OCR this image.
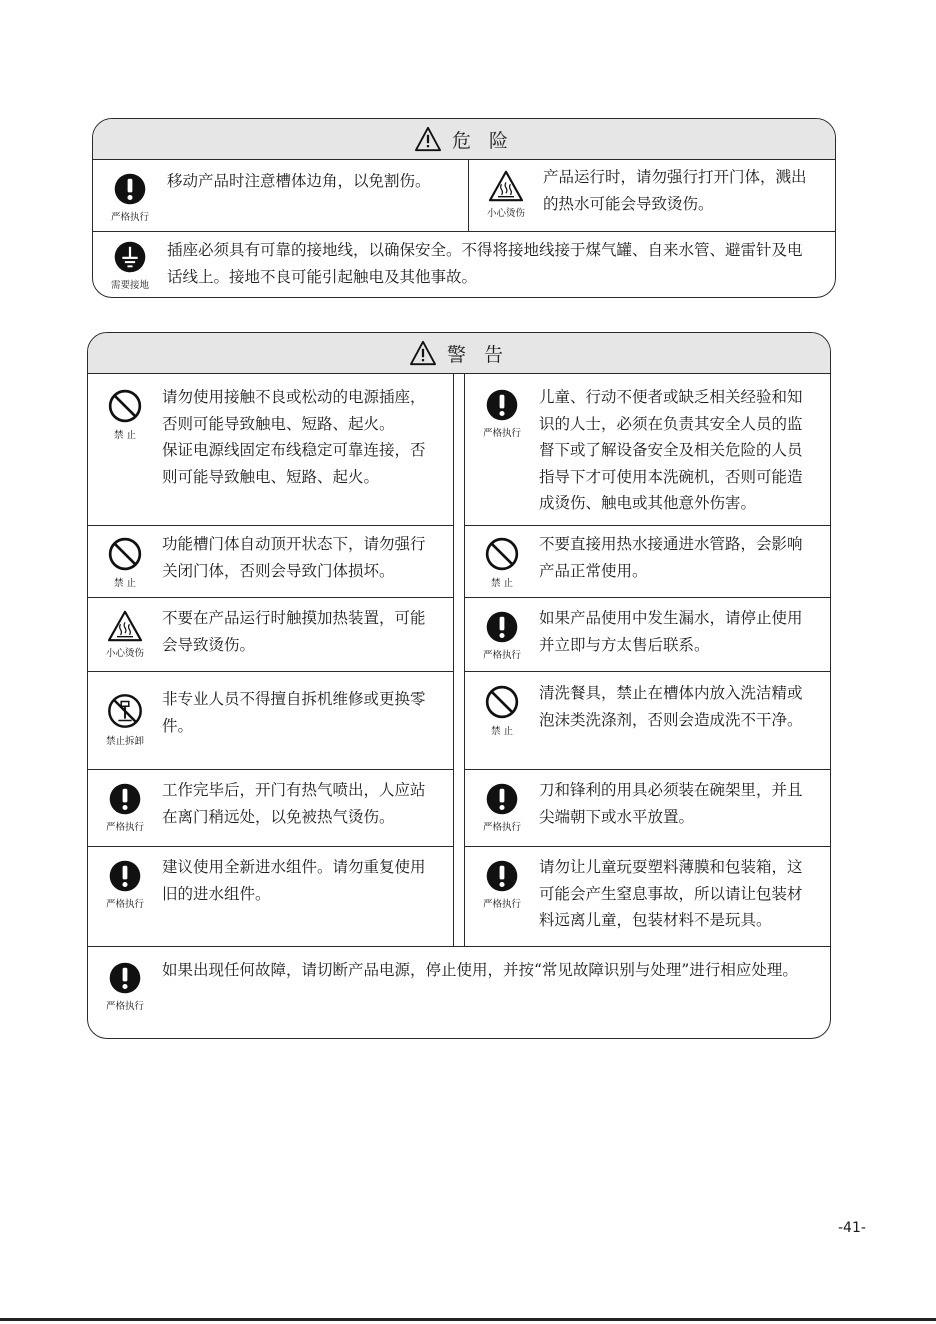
危 险
严格执行
移动产品时注意槽体边角，以免割伤。
小心烫伤
产品运行时，请勿强行打开门体，溅出的热水可能会导致烫伤。
需要接地
插座必须具有可靠的接地线，以确保安全。不得将接地线接于煤气罐、自来水管、避雷针及电话线上。接地不良可能引起触电及其他事故。
警 告
禁 止

请勿使用接触不良或松动的电源插座，否则可能导致触电、短路、起火。

保证电源线固定布线稳定可靠连接，否则可能导致触电、短路、起火。

严格执行
儿童、行动不便者或缺乏相关经验和知识的人士，必须在负责其安全人员的监督下或了解设备安全及相关危险的人员指导下才可使用本洗碗机，否则可能造成烫伤、触电或其他意外伤害。
禁 止
功能槽门体自动顶开状态下，请勿强行关闭门体，否则会导致门体损坏。
禁 止
不要直接用热水接通进水管路，会影响产品正常使用。
小心烫伤
不要在产品运行时触摸加热装置，可能会导致烫伤。
严格执行
如果产品使用中发生漏水，请停止使用并立即与方太售后联系。
禁止拆卸
非专业人员不得擅自拆机维修或更换零件。	禁 止
清洗餐具，禁止在槽体内放入洗洁精或泡沫类洗涤剂，否则会造成洗不干净。
严格执行
工作完毕后，开门有热气喷出，人应站在离门稍远处，以免被热气烫伤。
严格执行
刀和锋利的用具必须装在碗架里，并且尖端朝下或水平放置。
严格执行
建议使用全新进水组件。请勿重复使用旧的进水组件。
严格执行
请勿让儿童玩耍塑料薄膜和包装箱，这可能会产生窒息事故，所以请让包装材料远离儿童，包装材料不是玩具。
严格执行
如果出现任何故障，请切断产品电源，停止使用，并按“常见故障识别与处理”进行相应处理。
-41-
